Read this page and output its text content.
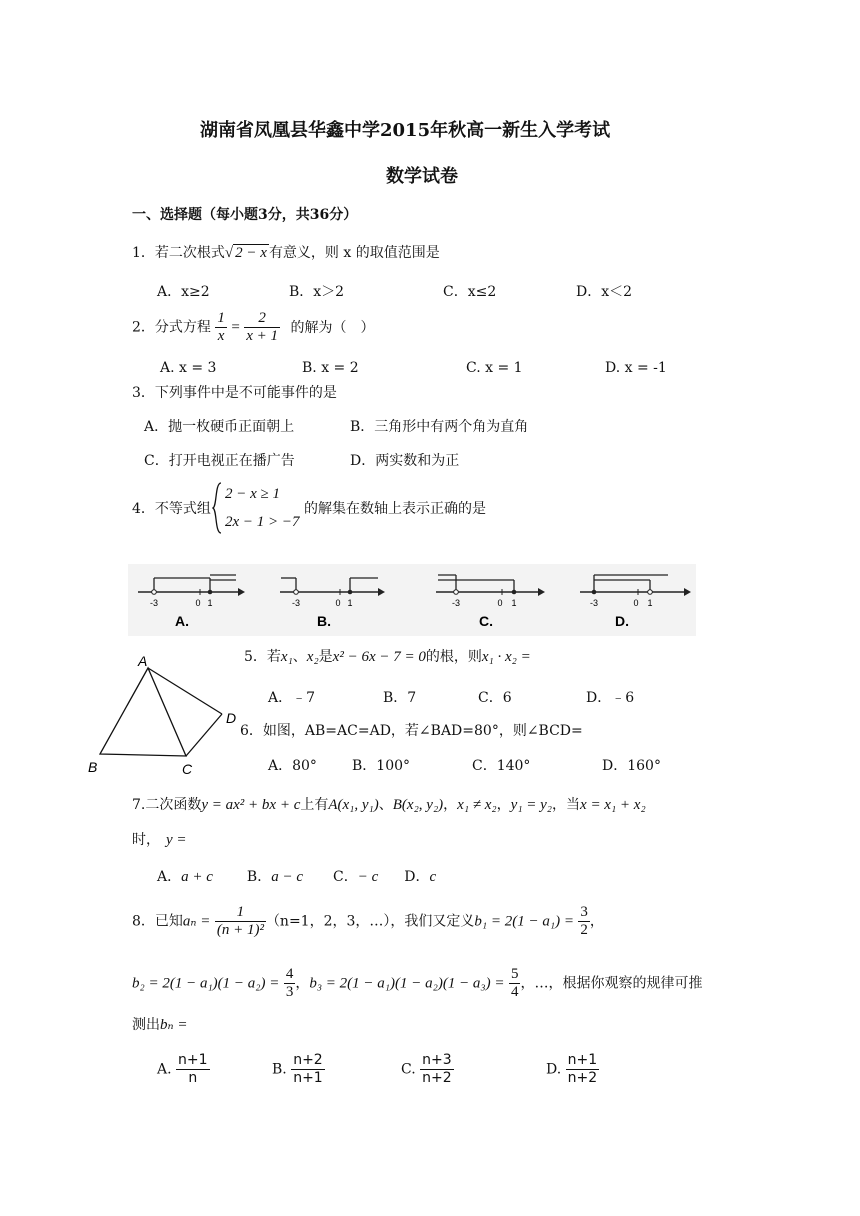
湖南省凤凰县华鑫中学2015年秋高一新生入学考试
数学试卷
一、选择题（每小题3分，共36分）
1．若二次根式√ 2 − x 有意义，则 x 的取值范围是
A．x≥2	B．x＞2	C．x≤2	D．x＜2
2．分式方程 $\frac{1}{x} = \frac{2}{x + 1}$ 的解为（　）
A. x = 3	B. x = 2	C. x = 1	D. x = -1
3．下列事件中是不可能事件的是
A．抛一枚硬币正面朝上	B．三角形中有两个角为直角
C．打开电视正在播广告	D．两实数和为正
4．不等式组
2 − x ≥ 1
2x − 1 > −7
的解集在数轴上表示正确的是
-3	0 1
A.
-3	0 1
B.
-3	0 1
C.
-3	0 1
D.
A
B	C
D
5．若x₁、x₂是x² − 6x − 7 = 0的根，则x₁ · x₂ =
A．﹣7	B．7	C．6	D．﹣6
6．如图，AB=AC=AD，若∠BAD=80°，则∠BCD=
A．80°	B．100°	C．140°	D．160°
7.二次函数y = ax² + bx + c上有A(x₁, y₁)、B(x₂, y₂)，x₁ ≠ x₂，y₁ = y₂，当x = x₁ + x₂
时， y =
A．a + c B．a − c C．− c D．c
8．已知$a_n = \frac{1}{\text{(n + 1)²}} (n=1$，2，3，…），我们又定义$b_1 = 2(1 - a_1) = \frac{3}{2}$ ，
$b_2 = 2(1 - a_1)(1 - a_2) = \frac{4}{3}$ ，$b_3 = 2(1 - a_1)(1 - a_2)(1 - a_3) = \frac{5}{4}$ ，…，根据你观察的规律可推
测出bₙ =
A. $\frac{n+1}{n}$	B. $\frac{n+2}{n+1}$	C. $\frac{n+3}{n+2}$	D. $\frac{n+1}{n+2}$
